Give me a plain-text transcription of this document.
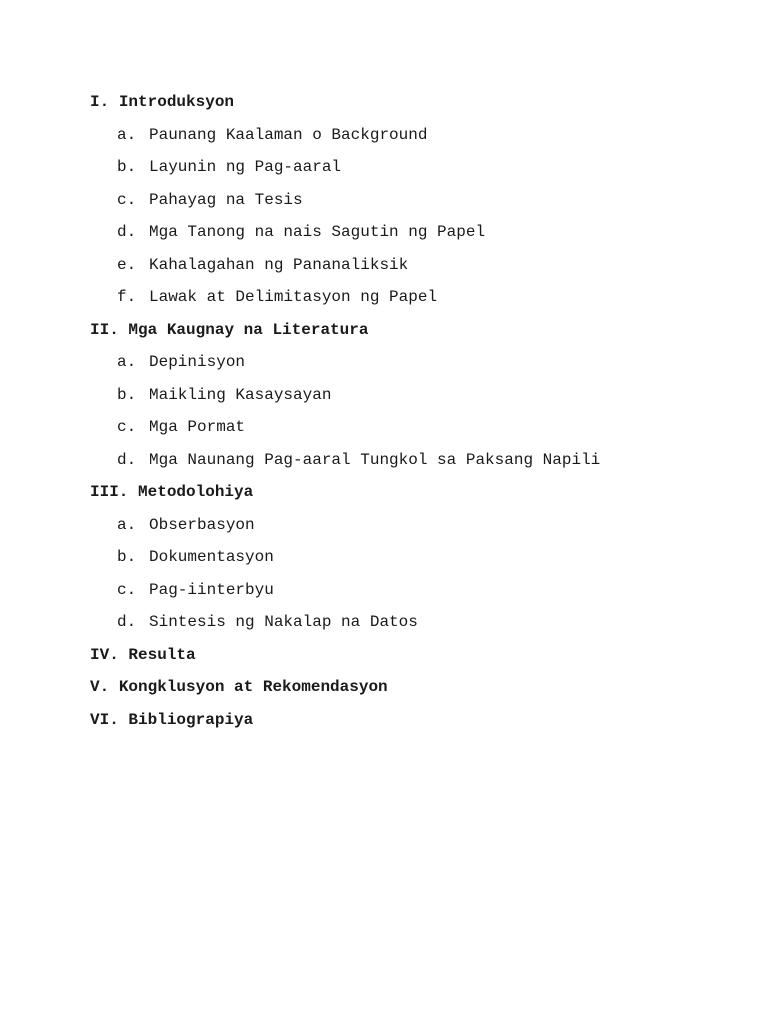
I. Introduksyon
a. Paunang Kaalaman o Background
b. Layunin ng Pag-aaral
c. Pahayag na Tesis
d. Mga Tanong na nais Sagutin ng Papel
e. Kahalagahan ng Pananaliksik
f. Lawak at Delimitasyon ng Papel
II. Mga Kaugnay na Literatura
a. Depinisyon
b. Maikling Kasaysayan
c. Mga Pormat
d. Mga Naunang Pag-aaral Tungkol sa Paksang Napili
III. Metodolohiya
a. Obserbasyon
b. Dokumentasyon
c. Pag-iinterbyu
d. Sintesis ng Nakalap na Datos
IV. Resulta
V. Kongklusyon at Rekomendasyon
VI. Bibliograpiya
